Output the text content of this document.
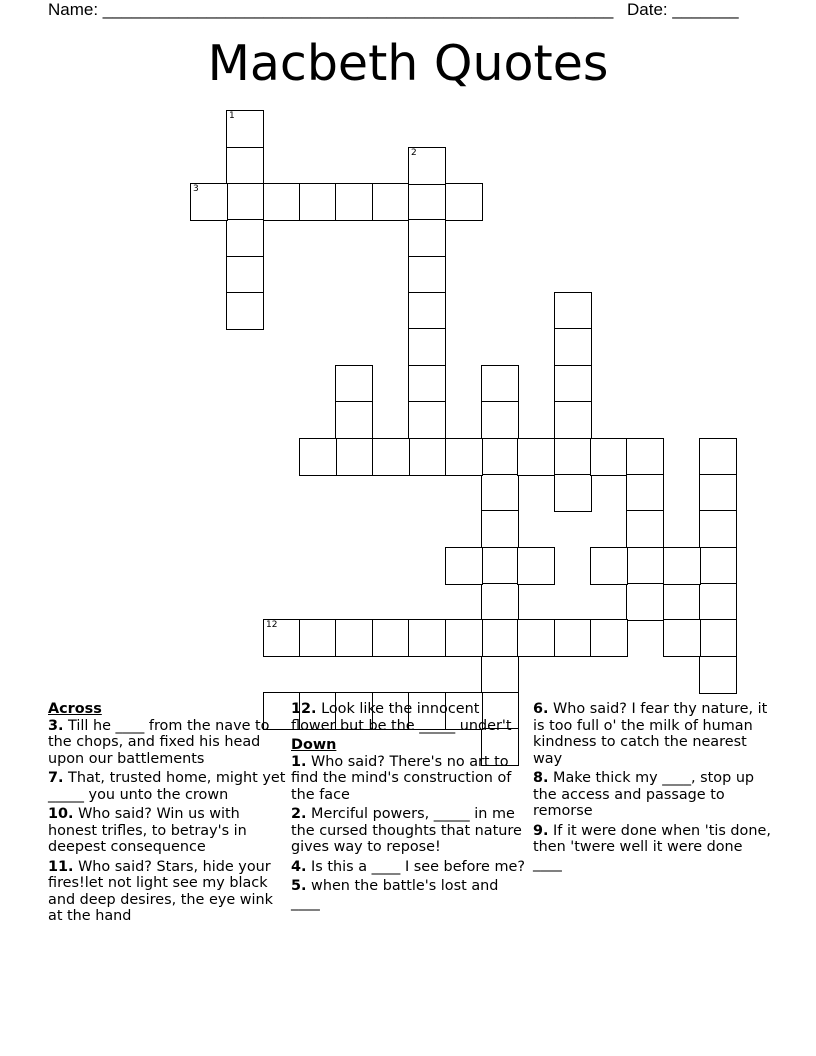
Name: ______________________________________________________ Date: _______
Macbeth Quotes
1
3
2
12
Across
3. Till he ____ from the nave to the chops, and fixed his head upon our battlements
7. That, trusted home, might yet _____ you unto the crown
10. Who said? Win us with honest trifles, to betray's in deepest consequence
11. Who said? Stars, hide your fires!let not light see my black and deep desires, the eye wink at the hand
12. Look like the innocent flower but be the _____ under't
Down
1. Who said? There's no art to find the mind's construction of the face
2. Merciful powers, _____ in me the cursed thoughts that nature gives way to repose!
4. Is this a ____ I see before me?
5. when the battle's lost and ____
6. Who said? I fear thy nature, it is too full o' the milk of human kindness to catch the nearest way
8. Make thick my ____, stop up the access and passage to remorse
9. If it were done when 'tis done, then 'twere well it were done ____
